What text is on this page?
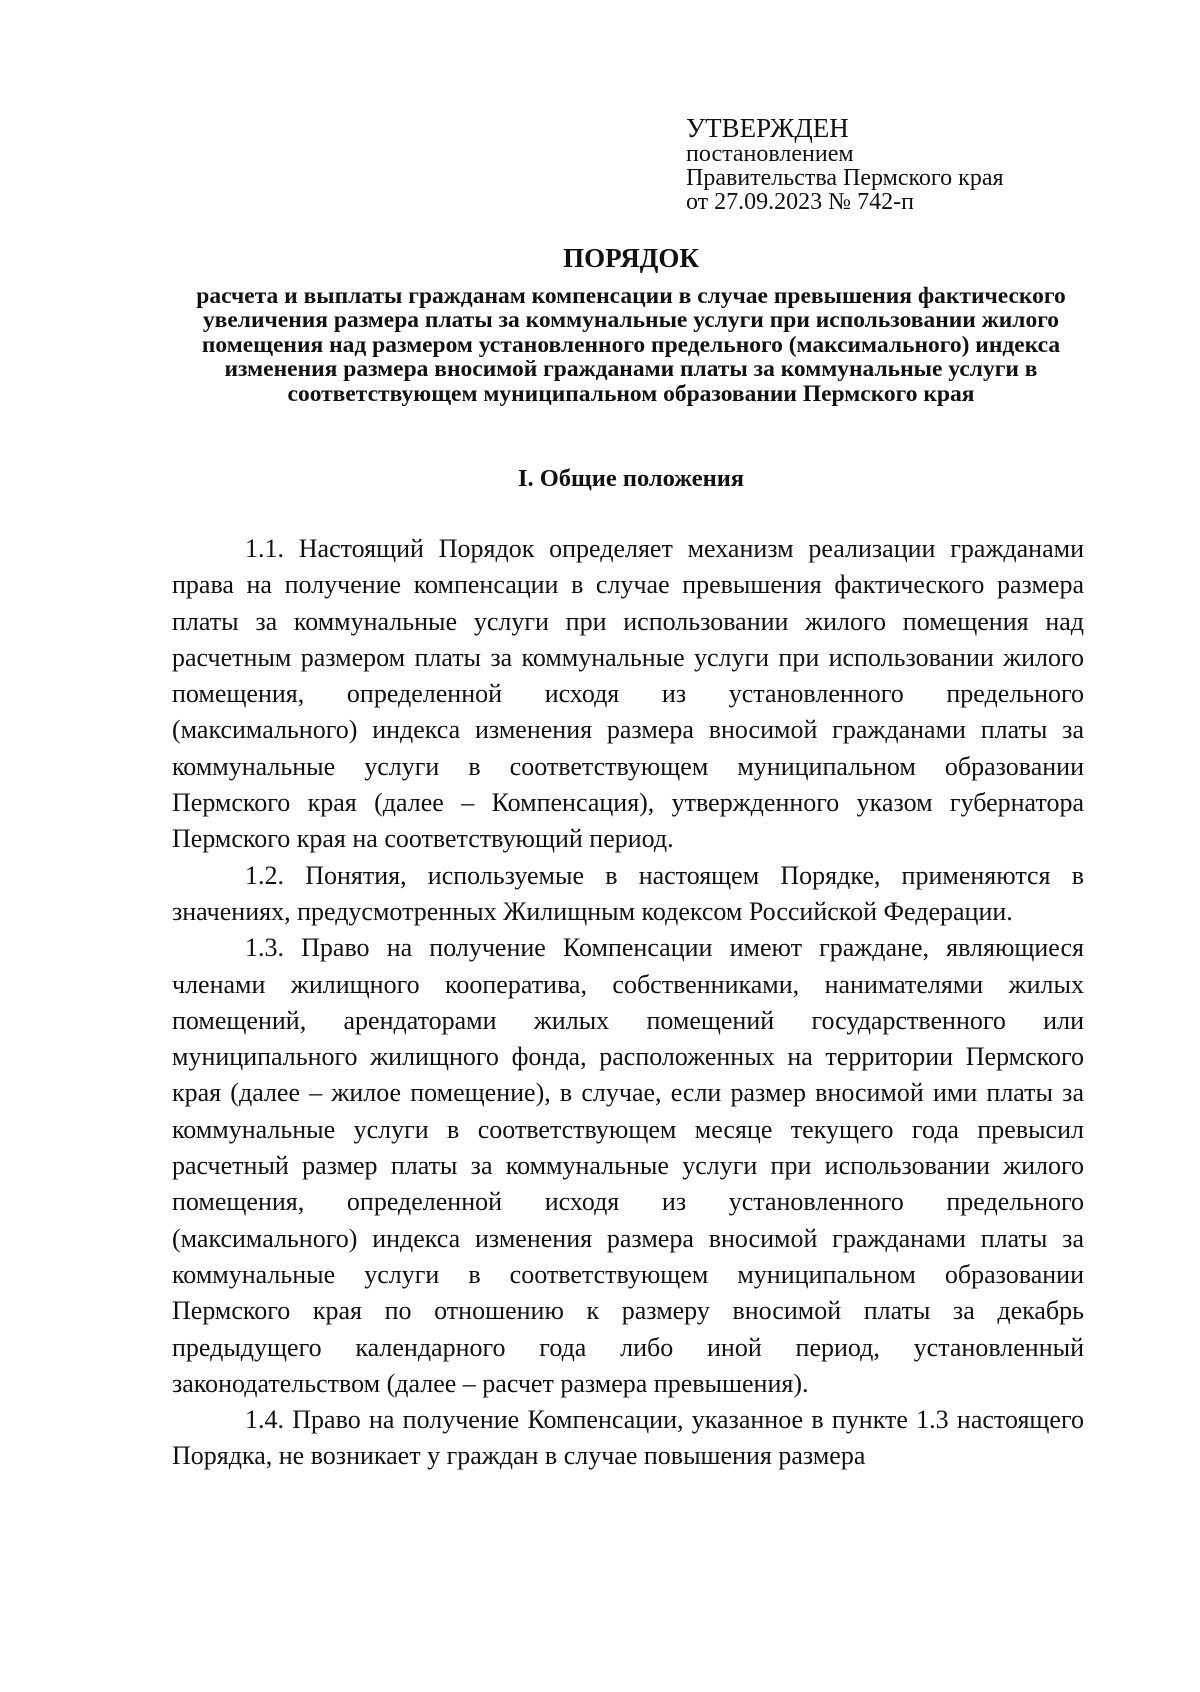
УТВЕРЖДЕН
постановлением
Правительства Пермского края
от 27.09.2023 № 742-п
ПОРЯДОК
расчета и выплаты гражданам компенсации в случае превышения фактического увеличения размера платы за коммунальные услуги при использовании жилого помещения над размером установленного предельного (максимального) индекса изменения размера вносимой гражданами платы за коммунальные услуги в соответствующем муниципальном образовании Пермского края
I. Общие положения

1.1. Настоящий Порядок определяет механизм реализации гражданами права на получение компенсации в случае превышения фактического размера платы за коммунальные услуги при использовании жилого помещения над расчетным размером платы за коммунальные услуги при использовании жилого помещения, определенной исходя из установленного предельного (максимального) индекса изменения размера вносимой гражданами платы за коммунальные услуги в соответствующем муниципальном образовании Пермского края (далее – Компенсация), утвержденного указом губернатора Пермского края на соответствующий период.

1.2. Понятия, используемые в настоящем Порядке, применяются в значениях, предусмотренных Жилищным кодексом Российской Федерации.

1.3. Право на получение Компенсации имеют граждане, являющиеся членами жилищного кооператива, собственниками, нанимателями жилых помещений, арендаторами жилых помещений государственного или муниципального жилищного фонда, расположенных на территории Пермского края (далее – жилое помещение), в случае, если размер вносимой ими платы за коммунальные услуги в соответствующем месяце текущего года превысил расчетный размер платы за коммунальные услуги при использовании жилого помещения, определенной исходя из установленного предельного (максимального) индекса изменения размера вносимой гражданами платы за коммунальные услуги в соответствующем муниципальном образовании Пермского края по отношению к размеру вносимой платы за декабрь предыдущего календарного года либо иной период, установленный законодательством (далее – расчет размера превышения).

1.4. Право на получение Компенсации, указанное в пункте 1.3 настоящего Порядка, не возникает у граждан в случае повышения размера
